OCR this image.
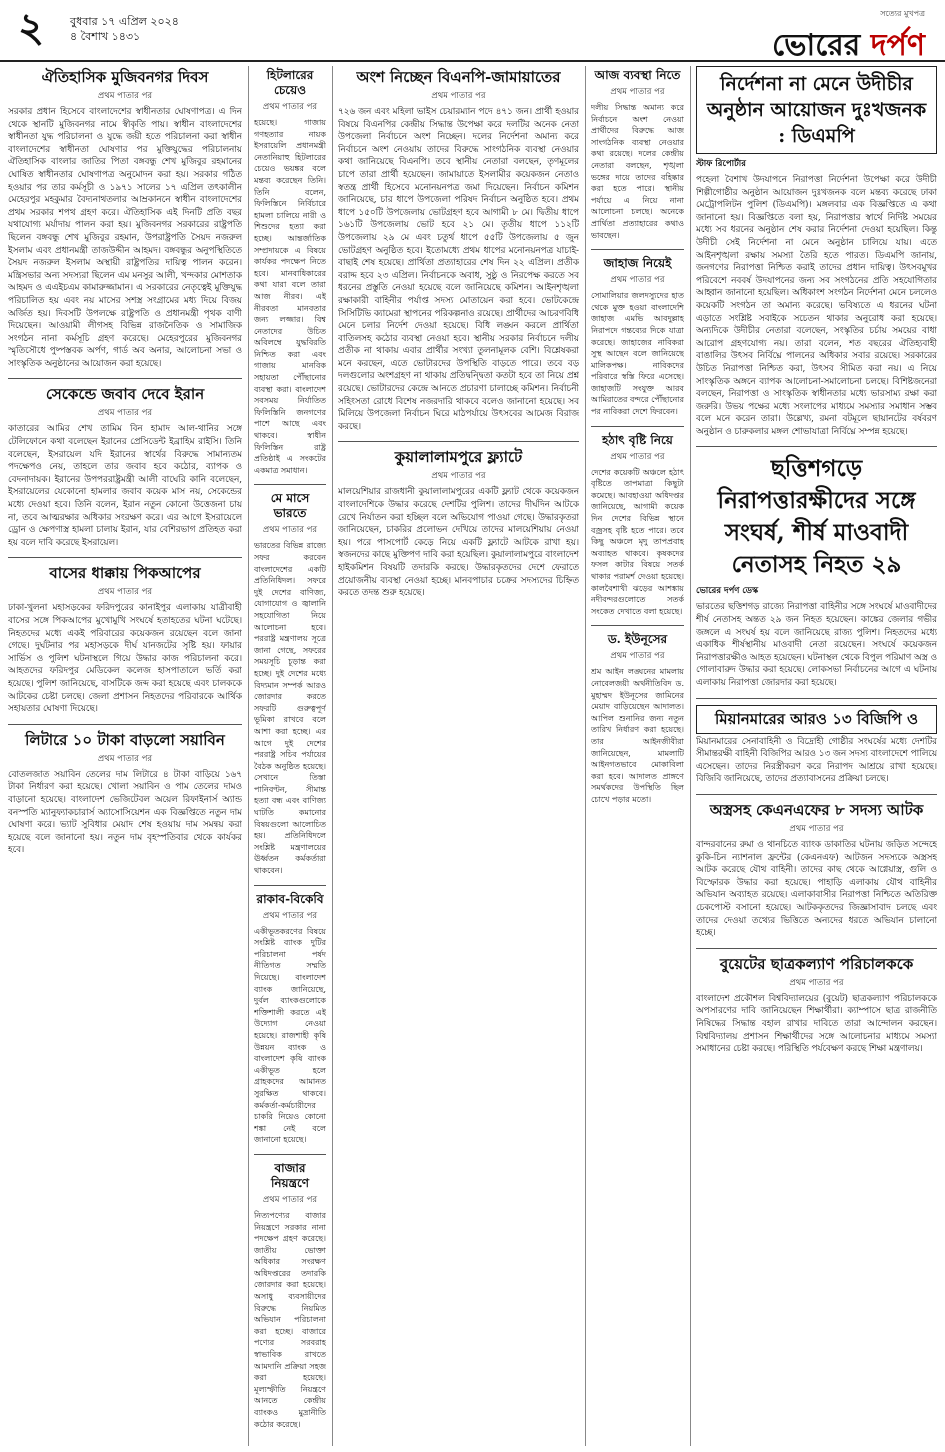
২ বুধবার ১৭ এপ্রিল ২০২৪
৪ বৈশাখ ১৪৩১
সত্যের মুখপত্র
ভোরের দর্পণ
ঐতিহাসিক মুজিবনগর দিবস
প্রথম পাতার পর
সরকার প্রধান হিসেবে বাংলাদেশের স্বাধীনতার ঘোষণাপত্র। এ দিন থেকে স্থানটি মুজিবনগর নামে স্বীকৃতি পায়। স্বাধীন বাংলাদেশের স্বাধীনতা যুদ্ধ পরিচালনা ও যুদ্ধে জয়ী হতে পরিচালনা করা স্বাধীন বাংলাদেশের স্বাধীনতা ঘোষণার পর মুক্তিযুদ্ধের পরিচালনায় ঐতিহাসিক বাংলার জাতির পিতা বঙ্গবন্ধু শেখ মুজিবুর রহমানের ঘোষিত স্বাধীনতার ঘোষণাপত্র অনুমোদন করা হয়। সরকার গঠিত হওয়ার পর তার কর্মসূচী ও ১৯৭১ সালের ১৭ এপ্রিল তৎকালীন মেহেরপুর মহকুমার বৈদ্যনাথতলার আম্রকাননে স্বাধীন বাংলাদেশের প্রথম সরকার শপথ গ্রহণ করে। ঐতিহাসিক এই দিনটি প্রতি বছর যথাযোগ্য মর্যাদায় পালন করা হয়। মুজিবনগর সরকারের রাষ্ট্রপতি ছিলেন বঙ্গবন্ধু শেখ মুজিবুর রহমান, উপরাষ্ট্রপতি সৈয়দ নজরুল ইসলাম এবং প্রধানমন্ত্রী তাজউদ্দীন আহমদ। বঙ্গবন্ধুর অনুপস্থিতিতে সৈয়দ নজরুল ইসলাম অস্থায়ী রাষ্ট্রপতির দায়িত্ব পালন করেন। মন্ত্রিসভার অন্য সদস্যরা ছিলেন এম মনসুর আলী, খন্দকার মোশতাক আহমদ ও এএইচএম কামারুজ্জামান। এ সরকারের নেতৃত্বেই মুক্তিযুদ্ধ পরিচালিত হয় এবং নয় মাসের সশস্ত্র সংগ্রামের মধ্য দিয়ে বিজয় অর্জিত হয়। দিবসটি উপলক্ষে রাষ্ট্রপতি ও প্রধানমন্ত্রী পৃথক বাণী দিয়েছেন। আওয়ামী লীগসহ বিভিন্ন রাজনৈতিক ও সামাজিক সংগঠন নানা কর্মসূচি গ্রহণ করেছে। মেহেরপুরের মুজিবনগর স্মৃতিসৌধে পুষ্পস্তবক অর্পণ, গার্ড অব অনার, আলোচনা সভা ও সাংস্কৃতিক অনুষ্ঠানের আয়োজন করা হয়েছে।
সেকেন্ডে জবাব দেবে ইরান
প্রথম পাতার পর
কাতারের আমির শেখ তামিম বিন হামাদ আল-থানির সঙ্গে টেলিফোনে কথা বলেছেন ইরানের প্রেসিডেন্ট ইব্রাহিম রাইসি। তিনি বলেছেন, ইসরায়েল যদি ইরানের স্বার্থের বিরুদ্ধে সামান্যতম পদক্ষেপও নেয়, তাহলে তার জবাব হবে কঠোর, ব্যাপক ও বেদনাদায়ক। ইরানের উপপররাষ্ট্রমন্ত্রী আলী বাঘেরি কানি বলেছেন, ইসরায়েলের যেকোনো হামলার জবাব কয়েক মাস নয়, সেকেন্ডের মধ্যে দেওয়া হবে। তিনি বলেন, ইরান নতুন কোনো উত্তেজনা চায় না, তবে আত্মরক্ষার অধিকার সংরক্ষণ করে। এর আগে ইসরায়েলে ড্রোন ও ক্ষেপণাস্ত্র হামলা চালায় ইরান, যার বেশিরভাগ প্রতিহত করা হয় বলে দাবি করেছে ইসরায়েল।
বাসের ধাক্কায় পিকআপের
প্রথম পাতার পর
ঢাকা-খুলনা মহাসড়কের ফরিদপুরের কানাইপুর এলাকায় যাত্রীবাহী বাসের সঙ্গে পিকআপের মুখোমুখি সংঘর্ষে হতাহতের ঘটনা ঘটেছে। নিহতদের মধ্যে একই পরিবারের কয়েকজন রয়েছেন বলে জানা গেছে। দুর্ঘটনার পর মহাসড়কে দীর্ঘ যানজটের সৃষ্টি হয়। ফায়ার সার্ভিস ও পুলিশ ঘটনাস্থলে গিয়ে উদ্ধার কাজ পরিচালনা করে। আহতদের ফরিদপুর মেডিকেল কলেজ হাসপাতালে ভর্তি করা হয়েছে। পুলিশ জানিয়েছে, বাসটিকে জব্দ করা হয়েছে এবং চালককে আটকের চেষ্টা চলছে। জেলা প্রশাসন নিহতদের পরিবারকে আর্থিক সহায়তার ঘোষণা দিয়েছে।
লিটারে ১০ টাকা বাড়লো সয়াবিন
প্রথম পাতার পর
বোতলজাত সয়াবিন তেলের দাম লিটারে ৪ টাকা বাড়িয়ে ১৬৭ টাকা নির্ধারণ করা হয়েছে। খোলা সয়াবিন ও পাম তেলের দামও বাড়ানো হয়েছে। বাংলাদেশ ভেজিটেবল অয়েল রিফাইনার্স অ্যান্ড বনস্পতি ম্যানুফ্যাকচারার্স অ্যাসোসিয়েশন এক বিজ্ঞপ্তিতে নতুন দাম ঘোষণা করে। ভ্যাট সুবিধার মেয়াদ শেষ হওয়ায় দাম সমন্বয় করা হয়েছে বলে জানানো হয়। নতুন দাম বৃহস্পতিবার থেকে কার্যকর হবে।
হিটলারের চেয়েও
প্রথম পাতার পর
হয়েছে। গাজায় গণহত্যার নায়ক ইসরায়েলি প্রধানমন্ত্রী নেতানিয়াহু হিটলারের চেয়েও ভয়ঙ্কর বলে মন্তব্য করেছেন তিনি। তিনি বলেন, ফিলিস্তিনে নির্বিচারে হামলা চালিয়ে নারী ও শিশুদের হত্যা করা হচ্ছে। আন্তর্জাতিক সম্প্রদায়কে এ বিষয়ে কার্যকর পদক্ষেপ নিতে হবে। মানবাধিকারের কথা যারা বলে তারা আজ নীরব। এই নীরবতা মানবতার জন্য লজ্জার। বিশ্ব নেতাদের উচিত অবিলম্বে যুদ্ধবিরতি নিশ্চিত করা এবং গাজায় মানবিক সহায়তা পৌঁছানোর ব্যবস্থা করা। বাংলাদেশ সবসময় নির্যাতিত ফিলিস্তিনি জনগণের পাশে আছে এবং থাকবে। স্বাধীন ফিলিস্তিন রাষ্ট্র প্রতিষ্ঠাই এ সংকটের একমাত্র সমাধান।
মে মাসে ভারতে
প্রথম পাতার পর
ভারতের বিভিন্ন রাজ্যে সফর করবেন বাংলাদেশের একটি প্রতিনিধিদল। সফরে দুই দেশের বাণিজ্য, যোগাযোগ ও জ্বালানি সহযোগিতা নিয়ে আলোচনা হবে। পররাষ্ট্র মন্ত্রণালয় সূত্রে জানা গেছে, সফরের সময়সূচি চূড়ান্ত করা হচ্ছে। দুই দেশের মধ্যে বিদ্যমান সম্পর্ক আরও জোরদার করতে সফরটি গুরুত্বপূর্ণ ভূমিকা রাখবে বলে আশা করা হচ্ছে। এর আগে দুই দেশের পররাষ্ট্র সচিব পর্যায়ের বৈঠক অনুষ্ঠিত হয়েছে। সেখানে তিস্তা পানিবণ্টন, সীমান্ত হত্যা বন্ধ এবং বাণিজ্য ঘাটতি কমানোর বিষয়গুলো আলোচিত হয়। প্রতিনিধিদলে সংশ্লিষ্ট মন্ত্রণালয়ের ঊর্ধ্বতন কর্মকর্তারা থাকবেন।
রাকাব-বিকেবি
প্রথম পাতার পর
একীভূতকরণের বিষয়ে সংশ্লিষ্ট ব্যাংক দুটির পরিচালনা পর্ষদ নীতিগত সম্মতি দিয়েছে। বাংলাদেশ ব্যাংক জানিয়েছে, দুর্বল ব্যাংকগুলোকে শক্তিশালী করতে এই উদ্যোগ নেওয়া হয়েছে। রাজশাহী কৃষি উন্নয়ন ব্যাংক ও বাংলাদেশ কৃষি ব্যাংক একীভূত হলে গ্রাহকদের আমানত সুরক্ষিত থাকবে। কর্মকর্তা-কর্মচারীদের চাকরি নিয়েও কোনো শঙ্কা নেই বলে জানানো হয়েছে।
বাজার নিয়ন্ত্রণে
প্রথম পাতার পর
নিত্যপণ্যের বাজার নিয়ন্ত্রণে সরকার নানা পদক্ষেপ গ্রহণ করেছে। জাতীয় ভোক্তা অধিকার সংরক্ষণ অধিদপ্তরের তদারকি জোরদার করা হয়েছে। অসাধু ব্যবসায়ীদের বিরুদ্ধে নিয়মিত অভিযান পরিচালনা করা হচ্ছে। বাজারে পণ্যের সরবরাহ স্বাভাবিক রাখতে আমদানি প্রক্রিয়া সহজ করা হয়েছে। মূল্যস্ফীতি নিয়ন্ত্রণে আনতে কেন্দ্রীয় ব্যাংকও মুদ্রানীতি কঠোর করেছে।
অংশ নিচ্ছেন বিএনপি-জামায়াতের
প্রথম পাতার পর
৭২৬ জন এবং মহিলা ভাইস চেয়ারম্যান পদে ৪৭১ জন। প্রার্থী হওয়ার বিষয়ে বিএনপির কেন্দ্রীয় সিদ্ধান্ত উপেক্ষা করে দলটির অনেক নেতা উপজেলা নির্বাচনে অংশ নিচ্ছেন। দলের নির্দেশনা অমান্য করে নির্বাচনে অংশ নেওয়ায় তাদের বিরুদ্ধে সাংগঠনিক ব্যবস্থা নেওয়ার কথা জানিয়েছে বিএনপি। তবে স্থানীয় নেতারা বলছেন, তৃণমূলের চাপে তারা প্রার্থী হয়েছেন। জামায়াতে ইসলামীর কয়েকজন নেতাও স্বতন্ত্র প্রার্থী হিসেবে মনোনয়নপত্র জমা দিয়েছেন। নির্বাচন কমিশন জানিয়েছে, চার ধাপে উপজেলা পরিষদ নির্বাচন অনুষ্ঠিত হবে। প্রথম ধাপে ১৫০টি উপজেলায় ভোটগ্রহণ হবে আগামী ৮ মে। দ্বিতীয় ধাপে ১৬১টি উপজেলায় ভোট হবে ২১ মে। তৃতীয় ধাপে ১১২টি উপজেলায় ২৯ মে এবং চতুর্থ ধাপে ৫৫টি উপজেলায় ৫ জুন ভোটগ্রহণ অনুষ্ঠিত হবে। ইতোমধ্যে প্রথম ধাপের মনোনয়নপত্র যাচাই-বাছাই শেষ হয়েছে। প্রার্থিতা প্রত্যাহারের শেষ দিন ২২ এপ্রিল। প্রতীক বরাদ্দ হবে ২৩ এপ্রিল। নির্বাচনকে অবাধ, সুষ্ঠু ও নিরপেক্ষ করতে সব ধরনের প্রস্তুতি নেওয়া হয়েছে বলে জানিয়েছে কমিশন। আইনশৃঙ্খলা রক্ষাকারী বাহিনীর পর্যাপ্ত সদস্য মোতায়েন করা হবে। ভোটকেন্দ্রে সিসিটিভি ক্যামেরা স্থাপনের পরিকল্পনাও রয়েছে। প্রার্থীদের আচরণবিধি মেনে চলার নির্দেশ দেওয়া হয়েছে। বিধি লঙ্ঘন করলে প্রার্থিতা বাতিলসহ কঠোর ব্যবস্থা নেওয়া হবে। স্থানীয় সরকার নির্বাচনে দলীয় প্রতীক না থাকায় এবার প্রার্থীর সংখ্যা তুলনামূলক বেশি। বিশ্লেষকরা মনে করছেন, এতে ভোটারদের উপস্থিতি বাড়তে পারে। তবে বড় দলগুলোর অংশগ্রহণ না থাকায় প্রতিদ্বন্দ্বিতা কতটা হবে তা নিয়ে প্রশ্ন রয়েছে। ভোটারদের কেন্দ্রে আনতে প্রচারণা চালাচ্ছে কমিশন। নির্বাচনী সহিংসতা রোধে বিশেষ নজরদারি থাকবে বলেও জানানো হয়েছে। সব মিলিয়ে উপজেলা নির্বাচন ঘিরে মাঠপর্যায়ে উৎসবের আমেজ বিরাজ করছে।
কুয়ালালামপুরে ফ্ল্যাটে
প্রথম পাতার পর
মালয়েশিয়ার রাজধানী কুয়ালালামপুরের একটি ফ্ল্যাট থেকে কয়েকজন বাংলাদেশিকে উদ্ধার করেছে দেশটির পুলিশ। তাদের দীর্ঘদিন আটকে রেখে নির্যাতন করা হচ্ছিল বলে অভিযোগ পাওয়া গেছে। উদ্ধারকৃতরা জানিয়েছেন, চাকরির প্রলোভন দেখিয়ে তাদের মালয়েশিয়ায় নেওয়া হয়। পরে পাসপোর্ট কেড়ে নিয়ে একটি ফ্ল্যাটে আটকে রাখা হয়। স্বজনদের কাছে মুক্তিপণ দাবি করা হয়েছিল। কুয়ালালামপুরে বাংলাদেশ হাইকমিশন বিষয়টি তদারকি করছে। উদ্ধারকৃতদের দেশে ফেরাতে প্রয়োজনীয় ব্যবস্থা নেওয়া হচ্ছে। মানবপাচার চক্রের সদস্যদের চিহ্নিত করতে তদন্ত শুরু হয়েছে।
আজ ব্যবস্থা নিতে
প্রথম পাতার পর
দলীয় সিদ্ধান্ত অমান্য করে নির্বাচনে অংশ নেওয়া প্রার্থীদের বিরুদ্ধে আজ সাংগঠনিক ব্যবস্থা নেওয়ার কথা রয়েছে। দলের কেন্দ্রীয় নেতারা বলছেন, শৃঙ্খলা ভঙ্গের দায়ে তাদের বহিষ্কার করা হতে পারে। স্থানীয় পর্যায়ে এ নিয়ে নানা আলোচনা চলছে। অনেকে প্রার্থিতা প্রত্যাহারের কথাও ভাবছেন।
জাহাজ নিয়েই
প্রথম পাতার পর
সোমালিয়ার জলদস্যুদের হাত থেকে মুক্ত হওয়া বাংলাদেশি জাহাজ এমভি আবদুল্লাহ নিরাপদে গন্তব্যের দিকে যাত্রা করেছে। জাহাজের নাবিকরা সুস্থ আছেন বলে জানিয়েছে মালিকপক্ষ। নাবিকদের পরিবারে স্বস্তি ফিরে এসেছে। জাহাজটি সংযুক্ত আরব আমিরাতের বন্দরে পৌঁছানোর পর নাবিকরা দেশে ফিরবেন।
হঠাৎ বৃষ্টি নিয়ে
প্রথম পাতার পর
দেশের কয়েকটি অঞ্চলে হঠাৎ বৃষ্টিতে তাপমাত্রা কিছুটা কমেছে। আবহাওয়া অধিদপ্তর জানিয়েছে, আগামী কয়েক দিন দেশের বিভিন্ন স্থানে বজ্রসহ বৃষ্টি হতে পারে। তবে কিছু অঞ্চলে মৃদু তাপপ্রবাহ অব্যাহত থাকবে। কৃষকদের ফসল কাটার বিষয়ে সতর্ক থাকার পরামর্শ দেওয়া হয়েছে। কালবৈশাখী ঝড়ের আশঙ্কায় নদীবন্দরগুলোতে সতর্ক সংকেত দেখাতে বলা হয়েছে।
ড. ইউনূসের
প্রথম পাতার পর
শ্রম আইন লঙ্ঘনের মামলায় নোবেলজয়ী অর্থনীতিবিদ ড. মুহাম্মদ ইউনূসের জামিনের মেয়াদ বাড়িয়েছেন আদালত। আপিল শুনানির জন্য নতুন তারিখ নির্ধারণ করা হয়েছে। তার আইনজীবীরা জানিয়েছেন, মামলাটি আইনগতভাবে মোকাবিলা করা হবে। আদালত প্রাঙ্গণে সমর্থকদের উপস্থিতি ছিল চোখে পড়ার মতো।
নির্দেশনা না মেনে উদীচীর অনুষ্ঠান আয়োজন দুঃখজনক : ডিএমপি
স্টাফ রিপোর্টার
পহেলা বৈশাখ উদযাপনে নিরাপত্তা নির্দেশনা উপেক্ষা করে উদীচী শিল্পীগোষ্ঠীর অনুষ্ঠান আয়োজন দুঃখজনক বলে মন্তব্য করেছে ঢাকা মেট্রোপলিটন পুলিশ (ডিএমপি)। মঙ্গলবার এক বিজ্ঞপ্তিতে এ কথা জানানো হয়। বিজ্ঞপ্তিতে বলা হয়, নিরাপত্তার স্বার্থে নির্দিষ্ট সময়ের মধ্যে সব ধরনের অনুষ্ঠান শেষ করার নির্দেশনা দেওয়া হয়েছিল। কিন্তু উদীচী সেই নির্দেশনা না মেনে অনুষ্ঠান চালিয়ে যায়। এতে আইনশৃঙ্খলা রক্ষায় সমস্যা তৈরি হতে পারত। ডিএমপি জানায়, জনগণের নিরাপত্তা নিশ্চিত করাই তাদের প্রধান দায়িত্ব। উৎসবমুখর পরিবেশে নববর্ষ উদযাপনের জন্য সব সংগঠনের প্রতি সহযোগিতার আহ্বান জানানো হয়েছিল। অধিকাংশ সংগঠন নির্দেশনা মেনে চললেও কয়েকটি সংগঠন তা অমান্য করেছে। ভবিষ্যতে এ ধরনের ঘটনা এড়াতে সংশ্লিষ্ট সবাইকে সচেতন থাকার অনুরোধ করা হয়েছে। অন্যদিকে উদীচীর নেতারা বলেছেন, সংস্কৃতির চর্চায় সময়ের বাধা আরোপ গ্রহণযোগ্য নয়। তারা বলেন, শত বছরের ঐতিহ্যবাহী বাঙালির উৎসব নির্বিঘ্নে পালনের অধিকার সবার রয়েছে। সরকারের উচিত নিরাপত্তা নিশ্চিত করা, উৎসব সীমিত করা নয়। এ নিয়ে সাংস্কৃতিক অঙ্গনে ব্যাপক আলোচনা-সমালোচনা চলছে। বিশিষ্টজনেরা বলছেন, নিরাপত্তা ও সাংস্কৃতিক স্বাধীনতার মধ্যে ভারসাম্য রক্ষা করা জরুরি। উভয় পক্ষের মধ্যে সংলাপের মাধ্যমে সমস্যার সমাধান সম্ভব বলে মনে করেন তারা। উল্লেখ্য, রমনা বটমূলে ছায়ানটের বর্ষবরণ অনুষ্ঠান ও চারুকলার মঙ্গল শোভাযাত্রা নির্বিঘ্নে সম্পন্ন হয়েছে।
ছত্তিশগড়ে নিরাপত্তারক্ষীদের সঙ্গে সংঘর্ষ, শীর্ষ মাওবাদী নেতাসহ নিহত ২৯
ভোরের দর্পণ ডেস্ক
ভারতের ছত্তিশগড় রাজ্যে নিরাপত্তা বাহিনীর সঙ্গে সংঘর্ষে মাওবাদীদের শীর্ষ নেতাসহ অন্তত ২৯ জন নিহত হয়েছেন। কাঙ্কের জেলার গভীর জঙ্গলে এ সংঘর্ষ হয় বলে জানিয়েছে রাজ্য পুলিশ। নিহতদের মধ্যে একাধিক শীর্ষস্থানীয় মাওবাদী নেতা রয়েছেন। সংঘর্ষে কয়েকজন নিরাপত্তারক্ষীও আহত হয়েছেন। ঘটনাস্থল থেকে বিপুল পরিমাণ অস্ত্র ও গোলাবারুদ উদ্ধার করা হয়েছে। লোকসভা নির্বাচনের আগে এ ঘটনায় এলাকায় নিরাপত্তা জোরদার করা হয়েছে।
মিয়ানমারের আরও ১৩ বিজিপি ও
মিয়ানমারের সেনাবাহিনী ও বিদ্রোহী গোষ্ঠীর সংঘর্ষের মধ্যে দেশটির সীমান্তরক্ষী বাহিনী বিজিপির আরও ১৩ জন সদস্য বাংলাদেশে পালিয়ে এসেছেন। তাদের নিরস্ত্রীকরণ করে নিরাপদ আশ্রয়ে রাখা হয়েছে। বিজিবি জানিয়েছে, তাদের প্রত্যাবাসনের প্রক্রিয়া চলছে।
অস্ত্রসহ কেএনএফের ৮ সদস্য আটক
প্রথম পাতার পর
বান্দরবানের রুমা ও থানচিতে ব্যাংক ডাকাতির ঘটনায় জড়িত সন্দেহে কুকি-চিন ন্যাশনাল ফ্রন্টের (কেএনএফ) আটজন সদস্যকে অস্ত্রসহ আটক করেছে যৌথ বাহিনী। তাদের কাছ থেকে আগ্নেয়াস্ত্র, গুলি ও বিস্ফোরক উদ্ধার করা হয়েছে। পাহাড়ি এলাকায় যৌথ বাহিনীর অভিযান অব্যাহত রয়েছে। এলাকাবাসীর নিরাপত্তা নিশ্চিতে অতিরিক্ত চেকপোস্ট বসানো হয়েছে। আটককৃতদের জিজ্ঞাসাবাদ চলছে এবং তাদের দেওয়া তথ্যের ভিত্তিতে অন্যদের ধরতে অভিযান চালানো হচ্ছে।
বুয়েটের ছাত্রকল্যাণ পরিচালককে
প্রথম পাতার পর
বাংলাদেশ প্রকৌশল বিশ্ববিদ্যালয়ের (বুয়েট) ছাত্রকল্যাণ পরিচালককে অপসারণের দাবি জানিয়েছেন শিক্ষার্থীরা। ক্যাম্পাসে ছাত্র রাজনীতি নিষিদ্ধের সিদ্ধান্ত বহাল রাখার দাবিতে তারা আন্দোলন করছেন। বিশ্ববিদ্যালয় প্রশাসন শিক্ষার্থীদের সঙ্গে আলোচনার মাধ্যমে সমস্যা সমাধানের চেষ্টা করছে। পরিস্থিতি পর্যবেক্ষণ করছে শিক্ষা মন্ত্রণালয়।
